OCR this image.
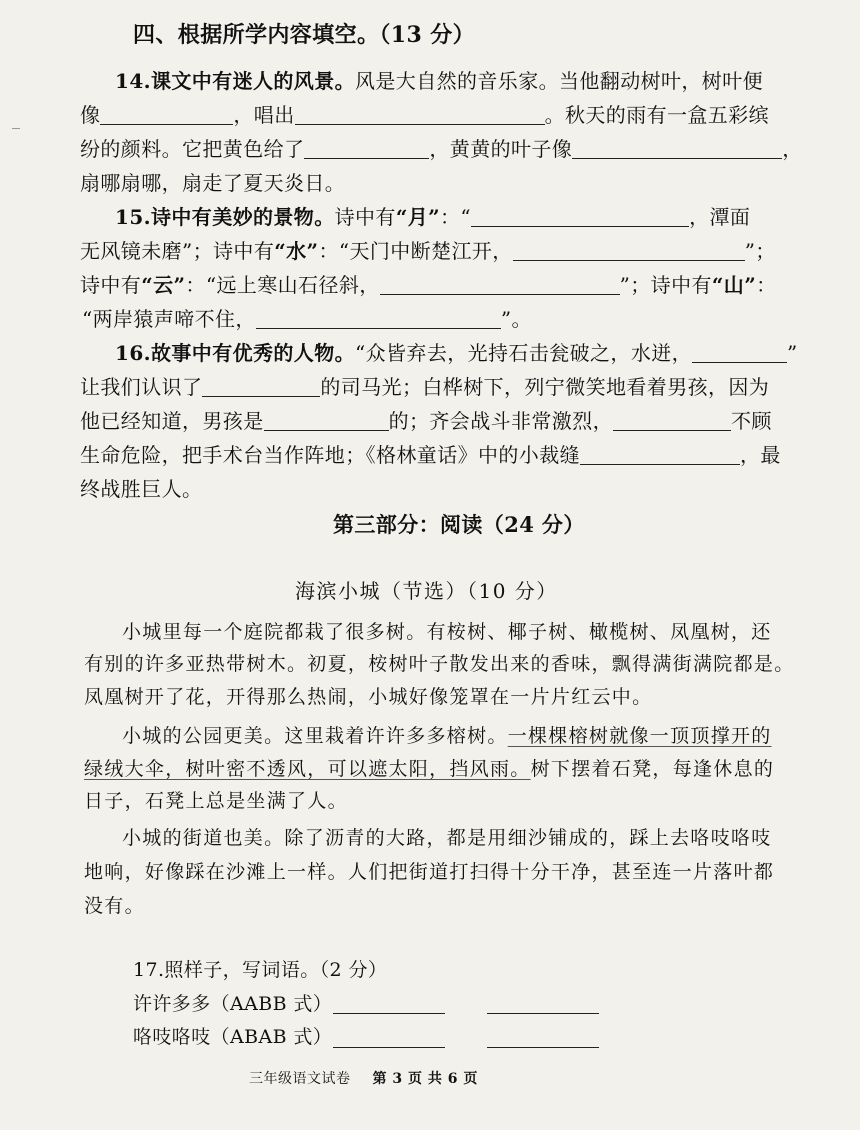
四、根据所学内容填空。（13 分）
14.课文中有迷人的风景。风是大自然的音乐家。当他翻动树叶，树叶便
像	，唱出	。秋天的雨有一盒五彩缤
纷的颜料。它把黄色给了	，黄黄的叶子像	，
扇哪扇哪，扇走了夏天炎日。
15.诗中有美妙的景物。诗中有“月”：“	，潭面
无风镜未磨”；诗中有“水”：“天门中断楚江开，	”；
诗中有“云”：“远上寒山石径斜，	”；诗中有“山”：
“两岸猿声啼不住，	”。
16.故事中有优秀的人物。“众皆弃去，光持石击瓮破之，水迸，	”
让我们认识了	的司马光；白桦树下，列宁微笑地看着男孩，因为
他已经知道，男孩是	的；齐会战斗非常激烈，	不顾
生命危险，把手术台当作阵地；《格林童话》中的小裁缝	，最
终战胜巨人。
第三部分：阅读（24 分）
海滨小城（节选）（10 分）
小城里每一个庭院都栽了很多树。有桉树、椰子树、橄榄树、凤凰树，还
有别的许多亚热带树木。初夏，桉树叶子散发出来的香味，飘得满街满院都是。
凤凰树开了花，开得那么热闹，小城好像笼罩在一片片红云中。
小城的公园更美。这里栽着许许多多榕树。一棵棵榕树就像一顶顶撑开的
绿绒大伞，树叶密不透风，可以遮太阳，挡风雨。树下摆着石凳，每逢休息的
日子，石凳上总是坐满了人。
小城的街道也美。除了沥青的大路，都是用细沙铺成的，踩上去咯吱咯吱
地响，好像踩在沙滩上一样。人们把街道打扫得十分干净，甚至连一片落叶都
没有。
17.照样子，写词语。（2 分）
许许多多（AABB 式）
咯吱咯吱（ABAB 式）
三年级语文试卷 第 3 页 共 6 页
